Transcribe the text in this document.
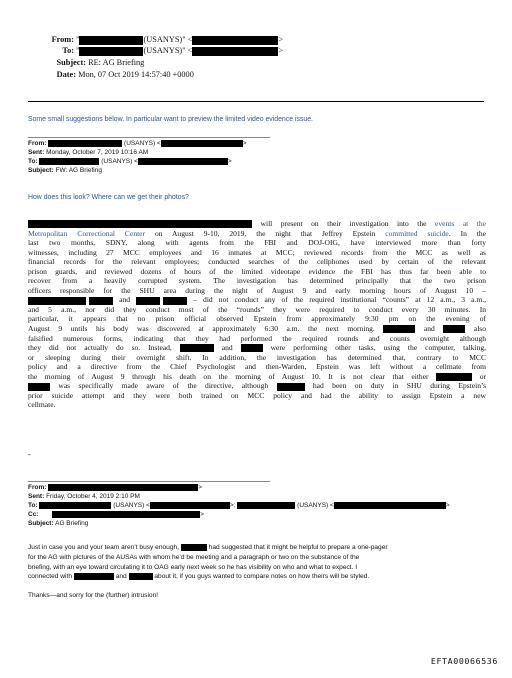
From: "	(USANYS)" <	>
To: "	(USANYS)" <	>
Subject: RE: AG Briefing
Date: Mon, 07 Oct 2019 14:57:40 +0000
Some small suggestions below. In particular want to preview the limited video evidence issue.
From:	(USANYS) <	>
Sent: Monday, October 7, 2019 10:16 AM
To:	(USANYS) <	>
Subject: FW: AG Briefing
How does this look? Where can we get their photos?
will present on their investigation into the events at the
Metropolitan Correctional Center on August 9-10, 2019, the night that Jeffrey Epstein committed suicide. In the
last two months, SDNY, along with agents from the FBI and DOJ-OIG, have interviewed more than forty
witnesses, including 27 MCC employees and 16 inmates at MCC; reviewed records from the MCC as well as
financial records for the relevant employees; conducted searches of the cellphones used by certain of the relevant
prison guards, and reviewed dozens of hours of the limited videotape evidence the FBI has thus far been able to
recover from a heavily corrupted system. The investigation has determined principally that the two prison
officers responsible for the SHU area during the night of August 9 and early morning hours of August 10 –
and	– did not conduct any of the required institutional “counts” at 12 a.m., 3 a.m.,
and 5 a.m., nor did they conduct most of the “rounds” they were required to conduct every 30 minutes. In
particular, it appears that no prison official observed Epstein from approximately 9:30 pm on the evening of
August 9 untils his body was discovered at approximately 6:30 a.m. the next morning.	and	also
falsified numerous forms, indicating that they had performed the required rounds and counts overnight although
they did not actually do so. Instead,	and	were performing other tasks, using the computer, talking,
or sleeping during their overnight shift. In addition, the investigation has determined that, contrary to MCC
policy and a directive from the Chief Psychologist and then-Warden, Epstein was left without a cellmate from
the morning of August 9 through his death on the morning of August 10. It is not clear that either	or
was specifically made aware of the directive, although	had been on duty in SHU during Epstein’s
prior suicide attempt and they were both trained on MCC policy and had the ability to assign Epstein a new
cellmate.
-
From:	>
Sent: Friday, October 4, 2019 2:10 PM
To:	(USANYS) <	>;	(USANYS) <	>
Cc:	>
Subject: AG Briefing
Just in case you and your team aren’t busy enough,	had suggested that it might be helpful to prepare a one-pager
for the AG with pictures of the AUSAs with whom he’d be meeting and a paragraph or two on the substance of the
briefing, with an eye toward circulating it to OAG early next week so he has visibility on who and what to expect. I
connected with	and	about it, if you guys wanted to compare notes on how theirs will be styled.
Thanks—and sorry for the (further) intrusion!
EFTA00066536
